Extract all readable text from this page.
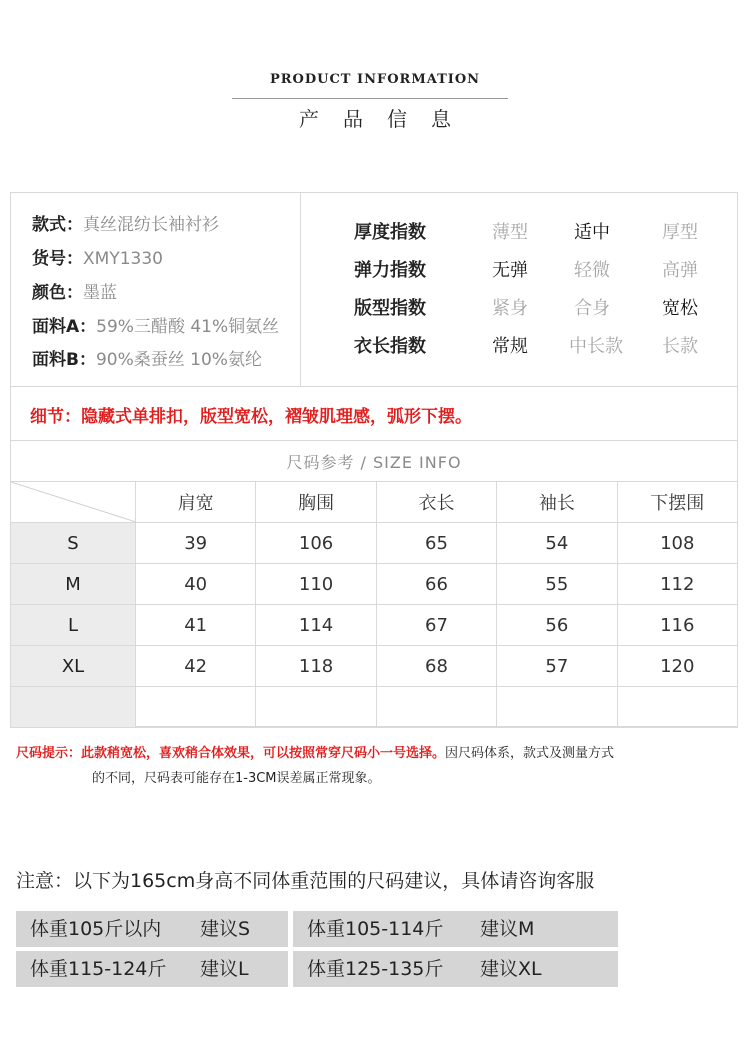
PRODUCT INFORMATION
产品信息
款式：真丝混纺长袖衬衫
货号：XMY1330
颜色：墨蓝
面料A：59%三醋酸 41%铜氨丝
面料B：90%桑蚕丝 10%氨纶
厚度指数	薄型	适中	厚型
弹力指数	无弹	轻微	高弹
版型指数	紧身	合身	宽松
衣长指数	常规	中长款	长款
细节：隐藏式单排扣，版型宽松，褶皱肌理感，弧形下摆。
尺码参考 / SIZE INFO
	肩宽	胸围	衣长	袖长	下摆围
S	39	106	65	54	108
M	40	110	66	55	112
L	41	114	67	56	116
XL	42	118	68	57	120

尺码提示：此款稍宽松，喜欢稍合体效果，可以按照常穿尺码小一号选择。因尺码体系，款式及测量方式
的不同，尺码表可能存在1-3CM误差属正常现象。
注意：以下为165cm身高不同体重范围的尺码建议，具体请咨询客服
体重105斤以内 建议S	体重105-114斤 建议M
体重115-124斤 建议L	体重125-135斤 建议XL
